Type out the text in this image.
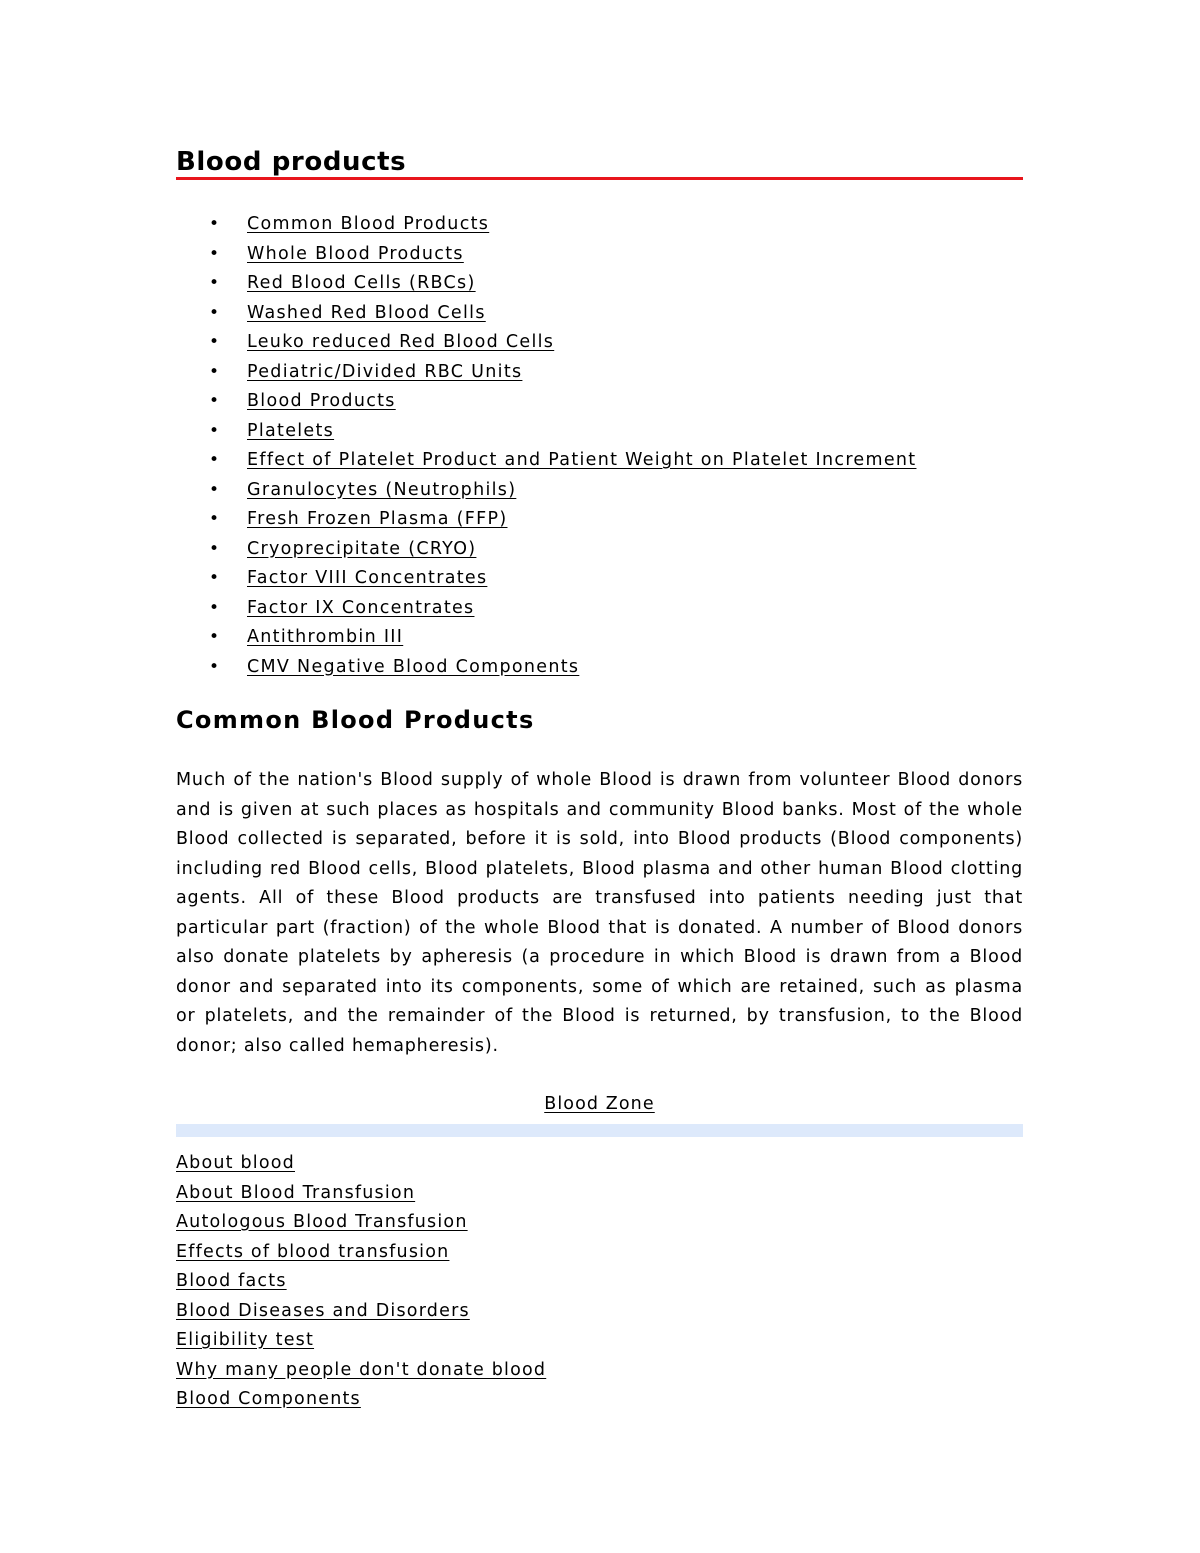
Blood products
•	Common Blood Products
•	Whole Blood Products
•	Red Blood Cells (RBCs)
•	Washed Red Blood Cells
•	Leuko reduced Red Blood Cells
•	Pediatric/Divided RBC Units
•	Blood Products
•	Platelets
•	Effect of Platelet Product and Patient Weight on Platelet Increment
•	Granulocytes (Neutrophils)
•	Fresh Frozen Plasma (FFP)
•	Cryoprecipitate (CRYO)
•	Factor VIII Concentrates
•	Factor IX Concentrates
•	Antithrombin III
•	CMV Negative Blood Components
Common Blood Products

Much of the nation's Blood supply of whole Blood is drawn from volunteer Blood donors and is given at such places as hospitals and community Blood banks. Most of the whole Blood collected is separated, before it is sold, into Blood products (Blood components) including red Blood cells, Blood platelets, Blood plasma and other human Blood clotting agents. All of these Blood products are transfused into patients needing just that particular part (fraction) of the whole Blood that is donated. A number of Blood donors also donate platelets by apheresis (a procedure in which Blood is drawn from a Blood donor and separated into its components, some of which are retained, such as plasma or platelets, and the remainder of the Blood is returned, by transfusion, to the Blood donor; also called hemapheresis).

Blood Zone
About blood
About Blood Transfusion
Autologous Blood Transfusion
Effects of blood transfusion
Blood facts
Blood Diseases and Disorders
Eligibility test
Why many people don't donate blood
Blood Components
